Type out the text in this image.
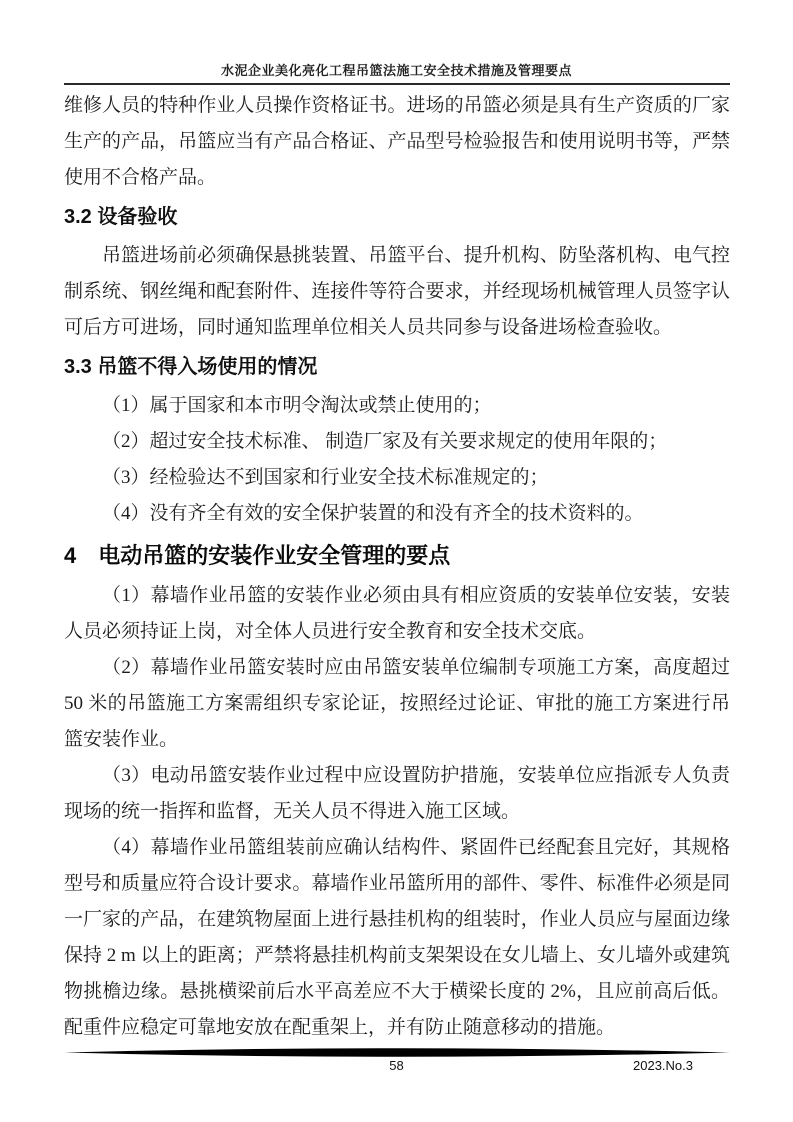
水泥企业美化亮化工程吊篮法施工安全技术措施及管理要点

维修人员的特种作业人员操作资格证书。进场的吊篮必须是具有生产资质的厂家生产的产品，吊篮应当有产品合格证、产品型号检验报告和使用说明书等，严禁使用不合格产品。

3.2 设备验收

吊篮进场前必须确保悬挑装置、吊篮平台、提升机构、防坠落机构、电气控制系统、钢丝绳和配套附件、连接件等符合要求，并经现场机械管理人员签字认可后方可进场，同时通知监理单位相关人员共同参与设备进场检查验收。

3.3 吊篮不得入场使用的情况

（1）属于国家和本市明令淘汰或禁止使用的；

（2）超过安全技术标准、 制造厂家及有关要求规定的使用年限的；

（3）经检验达不到国家和行业安全技术标准规定的；

（4）没有齐全有效的安全保护装置的和没有齐全的技术资料的。

4　电动吊篮的安装作业安全管理的要点

（1）幕墙作业吊篮的安装作业必须由具有相应资质的安装单位安装，安装人员必须持证上岗，对全体人员进行安全教育和安全技术交底。

（2）幕墙作业吊篮安装时应由吊篮安装单位编制专项施工方案，高度超过 50 米的吊篮施工方案需组织专家论证，按照经过论证、审批的施工方案进行吊篮安装作业。

（3）电动吊篮安装作业过程中应设置防护措施，安装单位应指派专人负责现场的统一指挥和监督，无关人员不得进入施工区域。

（4）幕墙作业吊篮组装前应确认结构件、紧固件已经配套且完好，其规格型号和质量应符合设计要求。幕墙作业吊篮所用的部件、零件、标准件必须是同一厂家的产品，在建筑物屋面上进行悬挂机构的组装时，作业人员应与屋面边缘保持 2 m 以上的距离；严禁将悬挂机构前支架架设在女儿墙上、女儿墙外或建筑物挑檐边缘。悬挑横梁前后水平高差应不大于横梁长度的 2%，且应前高后低。配重件应稳定可靠地安放在配重架上，并有防止随意移动的措施。

58	2023.No.3
